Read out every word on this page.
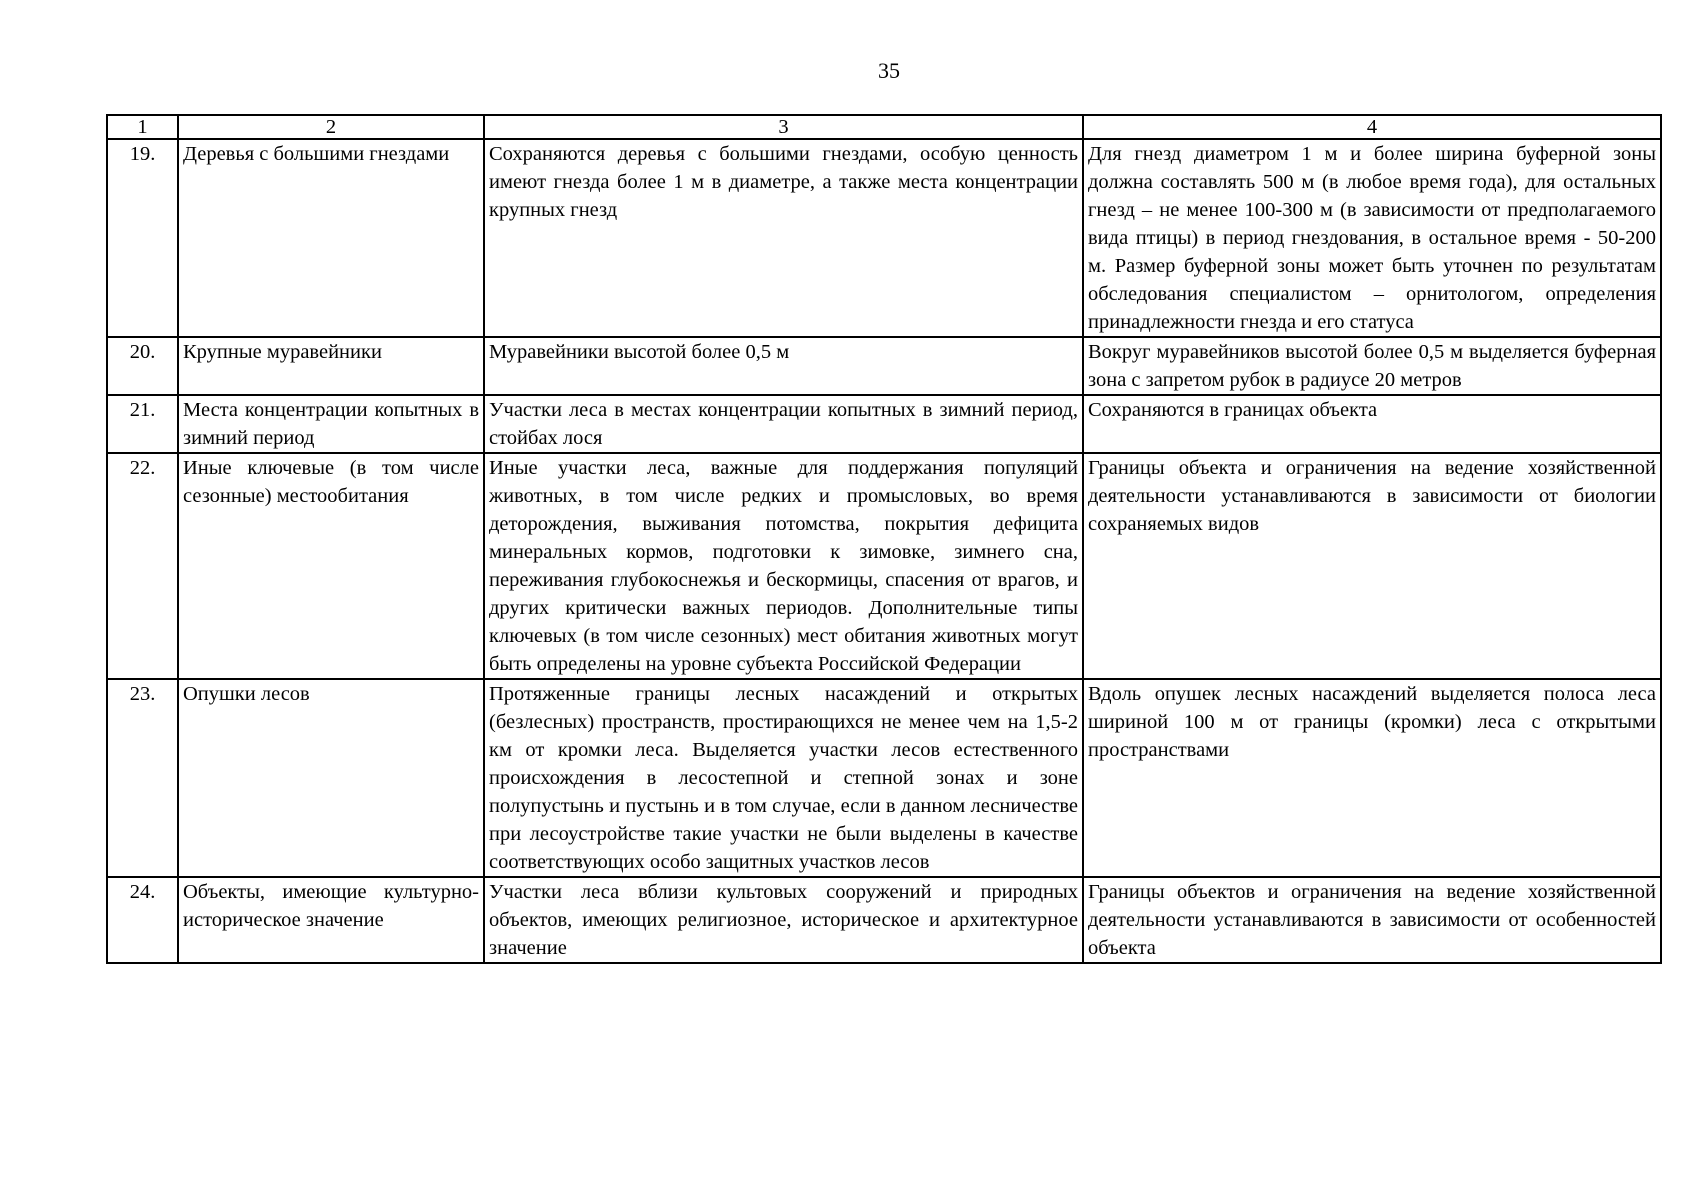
35
1	2	3	4
19.	Деревья с большими гнездами	Сохраняются деревья с большими гнездами, особую ценность имеют гнезда более 1 м в диаметре, а также места концентрации крупных гнезд	Для гнезд диаметром 1 м и более ширина буферной зоны должна составлять 500 м (в любое время года), для остальных гнезд – не менее 100-300 м (в зависимости от предполагаемого вида птицы) в период гнездования, в остальное время - 50-200 м. Размер буферной зоны может быть уточнен по результатам обследования специалистом – орнитологом, определения принадлежности гнезда и его статуса
20.	Крупные муравейники	Муравейники высотой более 0,5 м	Вокруг муравейников высотой более 0,5 м выделяется буферная зона с запретом рубок в радиусе 20 метров
21.	Места концентрации копытных в зимний период	Участки леса в местах концентрации копытных в зимний период, стойбах лося	Сохраняются в границах объекта
22.	Иные ключевые (в том числе сезонные) местообитания	Иные участки леса, важные для поддержания популяций животных, в том числе редких и промысловых, во время деторождения, выживания потомства, покрытия дефицита минеральных кормов, подготовки к зимовке, зимнего сна, переживания глубокоснежья и бескормицы, спасения от врагов, и других критически важных периодов. Дополнительные типы ключевых (в том числе сезонных) мест обитания животных могут быть определены на уровне субъекта Российской Федерации	Границы объекта и ограничения на ведение хозяйственной деятельности устанавливаются в зависимости от биологии сохраняемых видов
23.	Опушки лесов	Протяженные границы лесных насаждений и открытых (безлесных) пространств, простирающихся не менее чем на 1,5-2 км от кромки леса. Выделяется участки лесов естественного происхождения в лесостепной и степной зонах и зоне полупустынь и пустынь и в том случае, если в данном лесничестве при лесоустройстве такие участки не были выделены в качестве соответствующих особо защитных участков лесов	Вдоль опушек лесных насаждений выделяется полоса леса шириной 100 м от границы (кромки) леса с открытыми пространствами
24.	Объекты, имеющие культурно-историческое значение	Участки леса вблизи культовых сооружений и природных объектов, имеющих религиозное, историческое и архитектурное значение	Границы объектов и ограничения на ведение хозяйственной деятельности устанавливаются в зависимости от особенностей объекта
